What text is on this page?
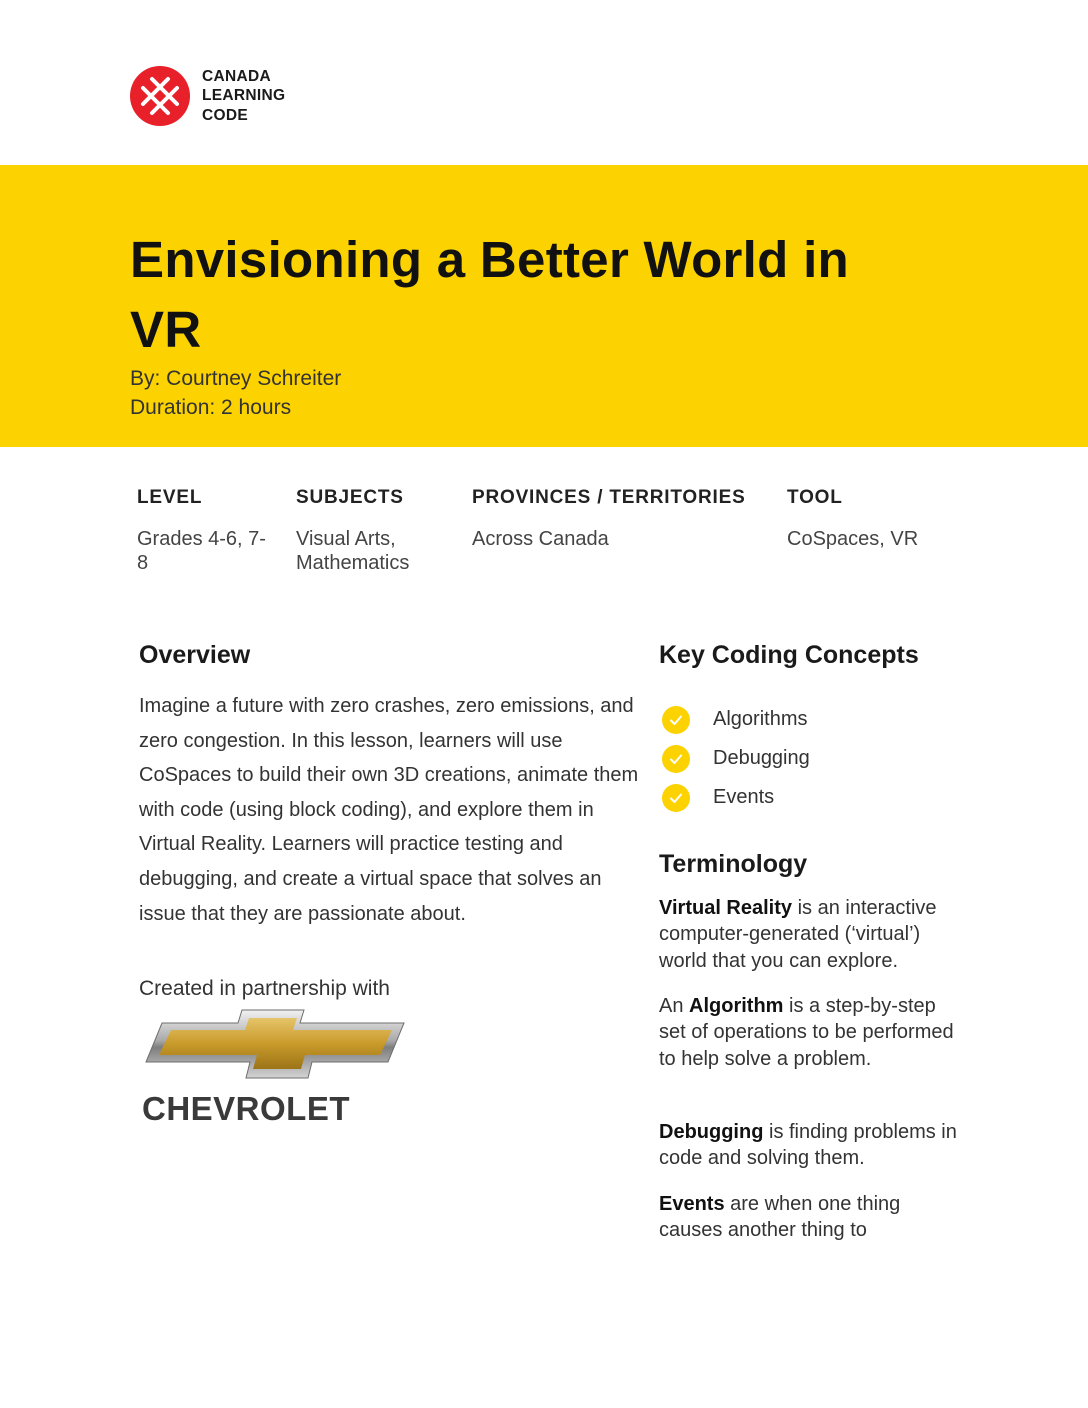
CANADA
LEARNING
CODE
Envisioning a Better World in VR
By: Courtney Schreiter
Duration: 2 hours
LEVEL
Grades 4-6, 7-8
SUBJECTS
Visual Arts, Mathematics
PROVINCES / TERRITORIES
Across Canada
TOOL
CoSpaces, VR
Overview

Imagine a future with zero crashes, zero emissions, and zero congestion. In this lesson, learners will use CoSpaces to build their own 3D creations, animate them with code (using block coding), and explore them in Virtual Reality. Learners will practice testing and debugging, and create a virtual space that solves an issue that they are passionate about.

Created in partnership with
CHEVROLET
Key Coding Concepts
Algorithms
Debugging
Events
Terminology

Virtual Reality is an interactive computer-generated (‘virtual’) world that you can explore.

An Algorithm is a step-by-step set of operations to be performed to help solve a problem.

Debugging is finding problems in code and solving them.

Events are when one thing causes another thing to
